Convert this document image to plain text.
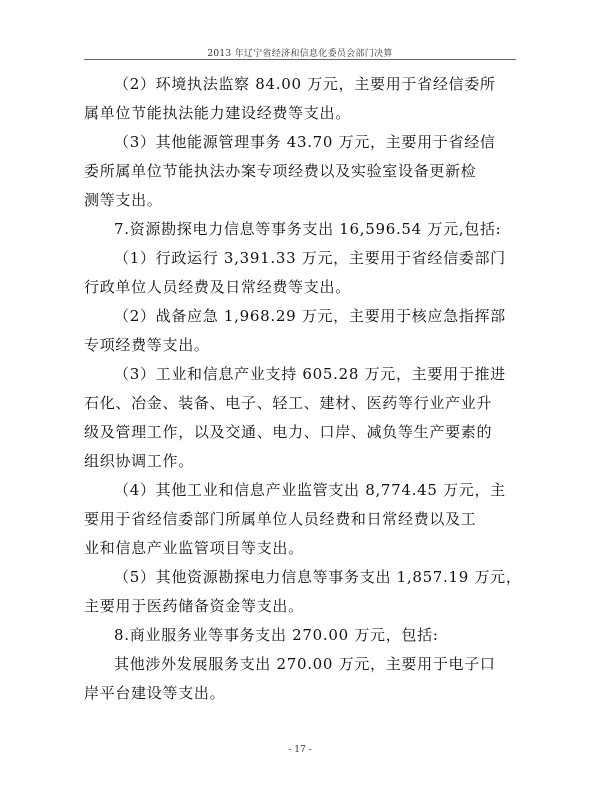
2013 年辽宁省经济和信息化委员会部门决算
（2）环境执法监察 84.00 万元，主要用于省经信委所
属单位节能执法能力建设经费等支出。
（3）其他能源管理事务 43.70 万元，主要用于省经信
委所属单位节能执法办案专项经费以及实验室设备更新检
测等支出。
7.资源勘探电力信息等事务支出 16,596.54 万元,包括:
（1）行政运行 3,391.33 万元，主要用于省经信委部门
行政单位人员经费及日常经费等支出。
（2）战备应急 1,968.29 万元，主要用于核应急指挥部
专项经费等支出。
（3）工业和信息产业支持 605.28 万元，主要用于推进
石化、冶金、装备、电子、轻工、建材、医药等行业产业升
级及管理工作，以及交通、电力、口岸、减负等生产要素的
组织协调工作。
（4）其他工业和信息产业监管支出 8,774.45 万元，主
要用于省经信委部门所属单位人员经费和日常经费以及工
业和信息产业监管项目等支出。
（5）其他资源勘探电力信息等事务支出 1,857.19 万元，
主要用于医药储备资金等支出。
8.商业服务业等事务支出 270.00 万元，包括:
其他涉外发展服务支出 270.00 万元，主要用于电子口
岸平台建设等支出。
- 17 -
